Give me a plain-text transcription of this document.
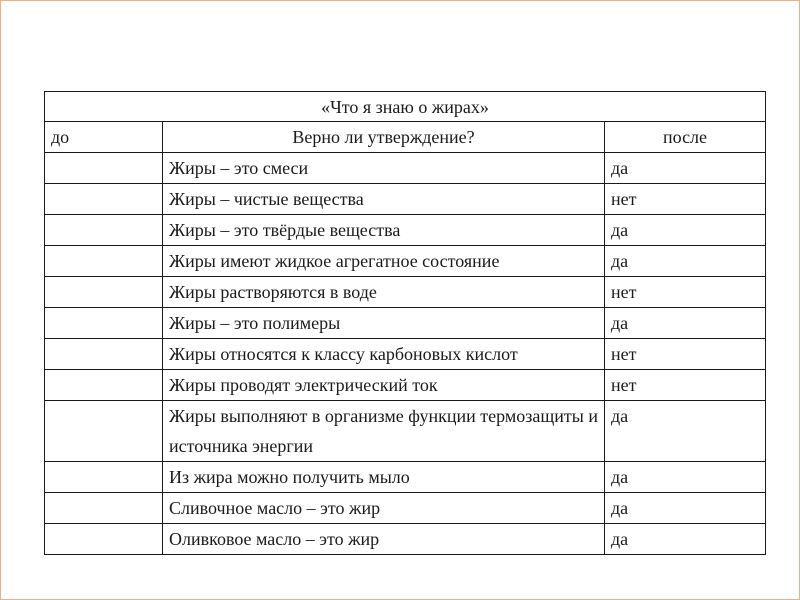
«Что я знаю о жирах»		
до	Верно ли утверждение?	после
	Жиры – это смеси	да
	Жиры – чистые вещества	нет
	Жиры – это твёрдые вещества	да
	Жиры имеют жидкое агрегатное состояние	да
	Жиры растворяются в воде	нет
	Жиры – это полимеры	да
	Жиры относятся к классу карбоновых кислот	нет
	Жиры проводят электрический ток	нет
	Жиры выполняют в организме функции термозащиты и источника энергии	да
	Из жира можно получить мыло	да
	Сливочное масло – это жир	да
	Оливковое масло – это жир	да
